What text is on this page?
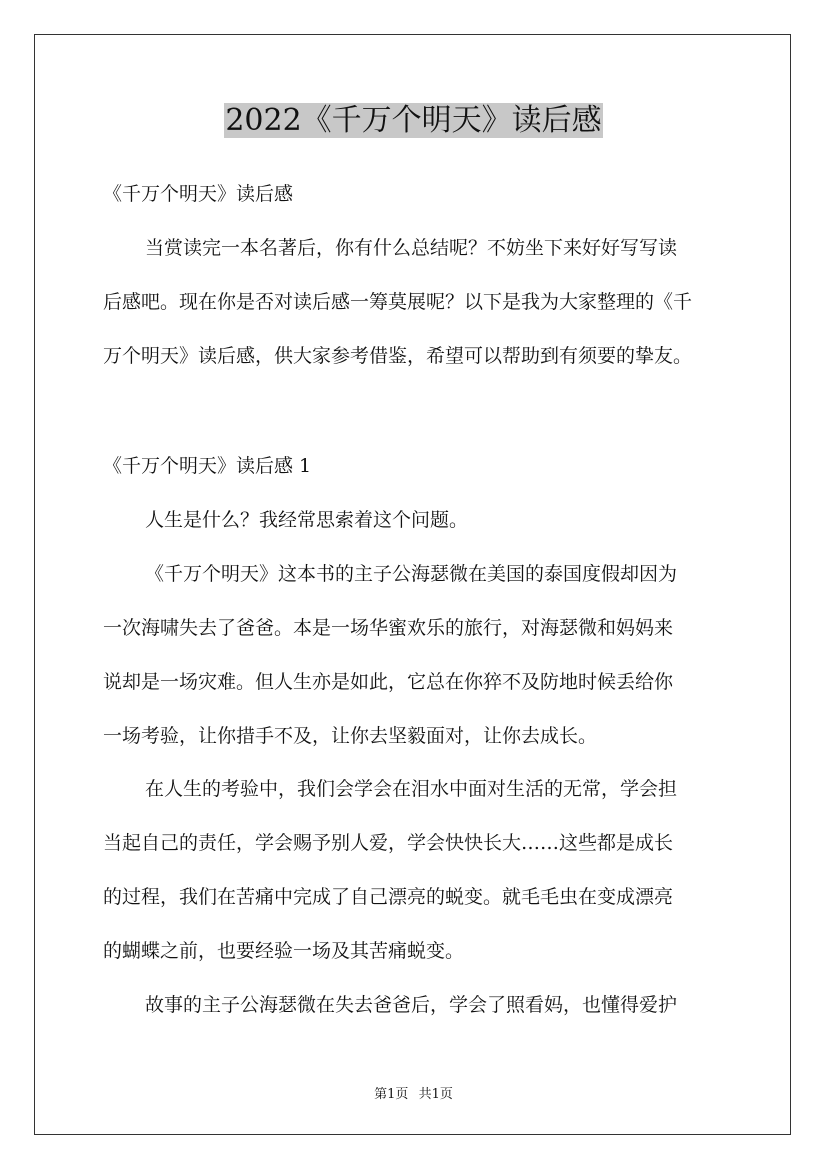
2022《千万个明天》读后感
《千万个明天》读后感
当赏读完一本名著后，你有什么总结呢？不妨坐下来好好写写读
后感吧。现在你是否对读后感一筹莫展呢？以下是我为大家整理的《千
万个明天》读后感，供大家参考借鉴，希望可以帮助到有须要的挚友。
《千万个明天》读后感 1
人生是什么？我经常思索着这个问题。
《千万个明天》这本书的主子公海瑟微在美国的泰国度假却因为
一次海啸失去了爸爸。本是一场华蜜欢乐的旅行，对海瑟微和妈妈来
说却是一场灾难。但人生亦是如此，它总在你猝不及防地时候丢给你
一场考验，让你措手不及，让你去坚毅面对，让你去成长。
在人生的考验中，我们会学会在泪水中面对生活的无常，学会担
当起自己的责任，学会赐予别人爱，学会快快长大……这些都是成长
的过程，我们在苦痛中完成了自己漂亮的蜕变。就毛毛虫在变成漂亮
的蝴蝶之前，也要经验一场及其苦痛蜕变。
故事的主子公海瑟微在失去爸爸后，学会了照看妈，也懂得爱护
第1页 共1页
